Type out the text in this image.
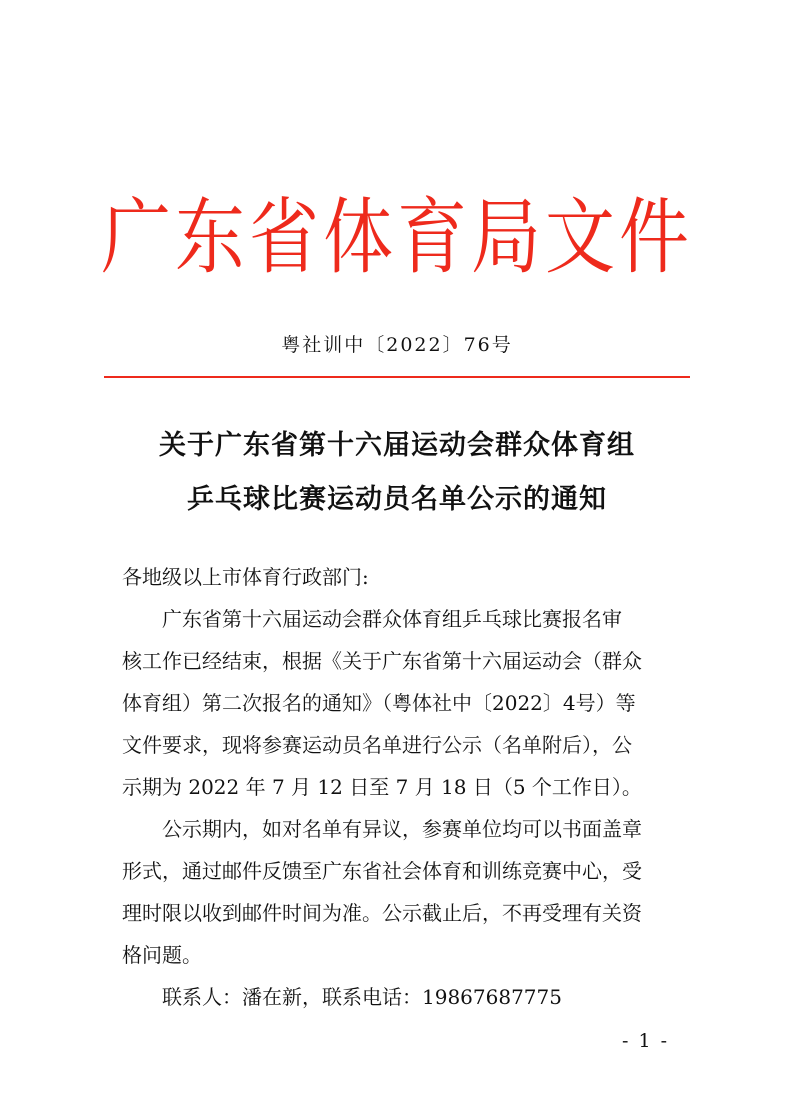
广东省体育局文件
粤社训中〔2022〕76号
关于广东省第十六届运动会群众体育组
乒乓球比赛运动员名单公示的通知
各地级以上市体育行政部门:
广东省第十六届运动会群众体育组乒乓球比赛报名审
核工作已经结束，根据《关于广东省第十六届运动会（群众
体育组）第二次报名的通知》（粤体社中〔2022〕4号）等
文件要求，现将参赛运动员名单进行公示（名单附后），公
示期为 2022 年 7 月 12 日至 7 月 18 日（5 个工作日）。
公示期内，如对名单有异议，参赛单位均可以书面盖章
形式，通过邮件反馈至广东省社会体育和训练竞赛中心，受
理时限以收到邮件时间为准。公示截止后，不再受理有关资
格问题。
联系人：潘在新，联系电话：19867687775
- 1 -
